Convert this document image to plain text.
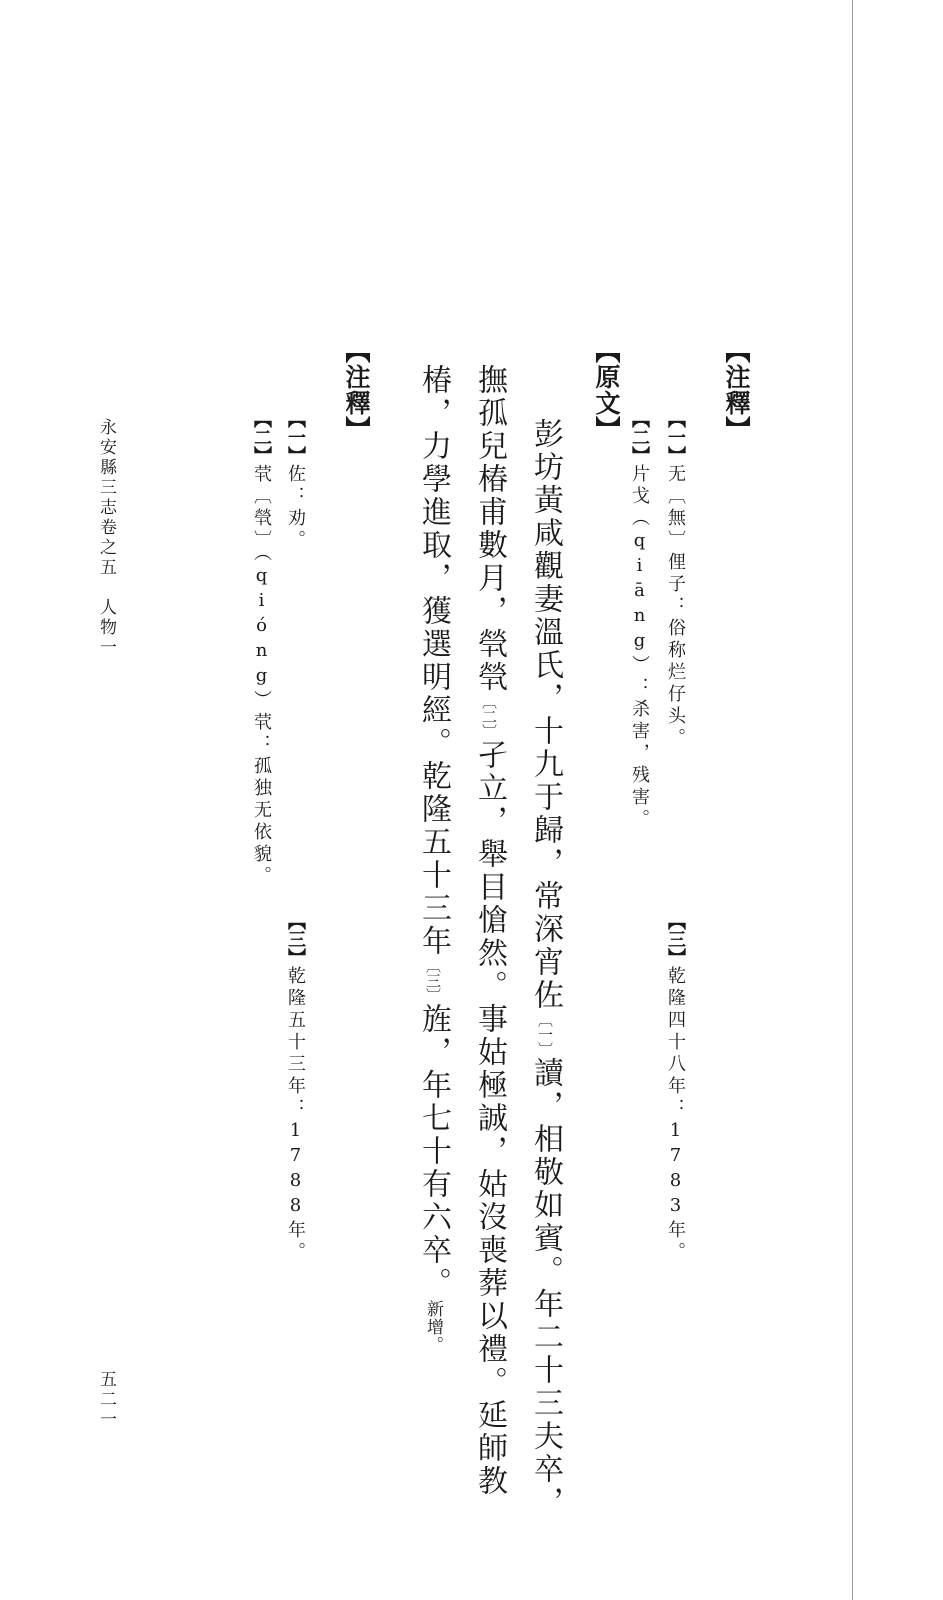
【注釋】
【一】无〔無〕俚子：俗称烂仔头。
【二】片戈（qiāng）：杀害，残害。
【三】乾隆四十八年：1783年。
【原文】
彭坊黃咸觀妻溫氏，十九于歸，常深宵佐〔一〕讀，相敬如賓。年二十三夫卒，
撫孤兒椿甫數月，煢煢〔二〕孑立，舉目愴然。事姑極誠，姑沒喪葬以禮。延師教
椿，力學進取，獲選明經。乾隆五十三年〔三〕旌，年七十有六卒。新增。
【注釋】
【一】佐：劝。
【二】茕〔煢〕（qióng）茕：孤独无依貌。
【三】乾隆五十三年：1788年。
永安縣三志卷之五　人物一
五二一
